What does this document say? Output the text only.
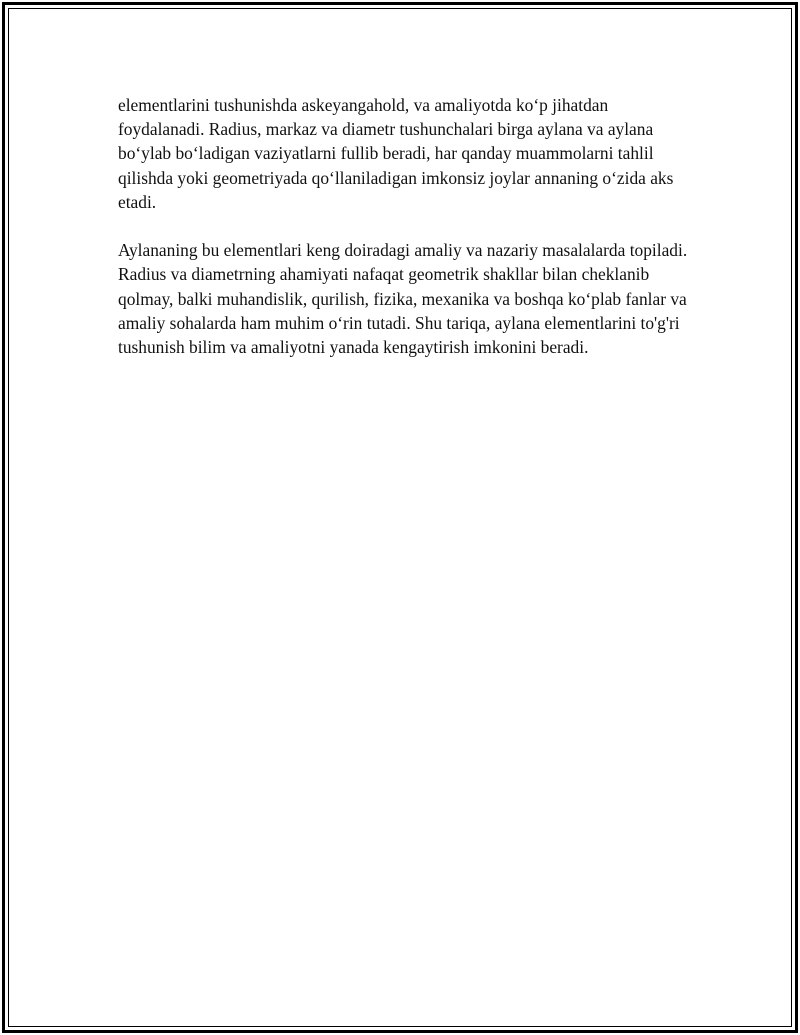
elementlarini tushunishda askeyangahold, va amaliyotda ko‘p jihatdan foydalanadi. Radius, markaz va diametr tushunchalari birga aylana va aylana bo‘ylab bo‘ladigan vaziyatlarni fullib beradi, har qanday muammolarni tahlil qilishda yoki geometriyada qo‘llaniladigan imkonsiz joylar annaning o‘zida aks etadi.

Aylananing bu elementlari keng doiradagi amaliy va nazariy masalalarda topiladi. Radius va diametrning ahamiyati nafaqat geometrik shakllar bilan cheklanib qolmay, balki muhandislik, qurilish, fizika, mexanika va boshqa ko‘plab fanlar va amaliy sohalarda ham muhim o‘rin tutadi. Shu tariqa, aylana elementlarini to'g'ri tushunish bilim va amaliyotni yanada kengaytirish imkonini beradi.
